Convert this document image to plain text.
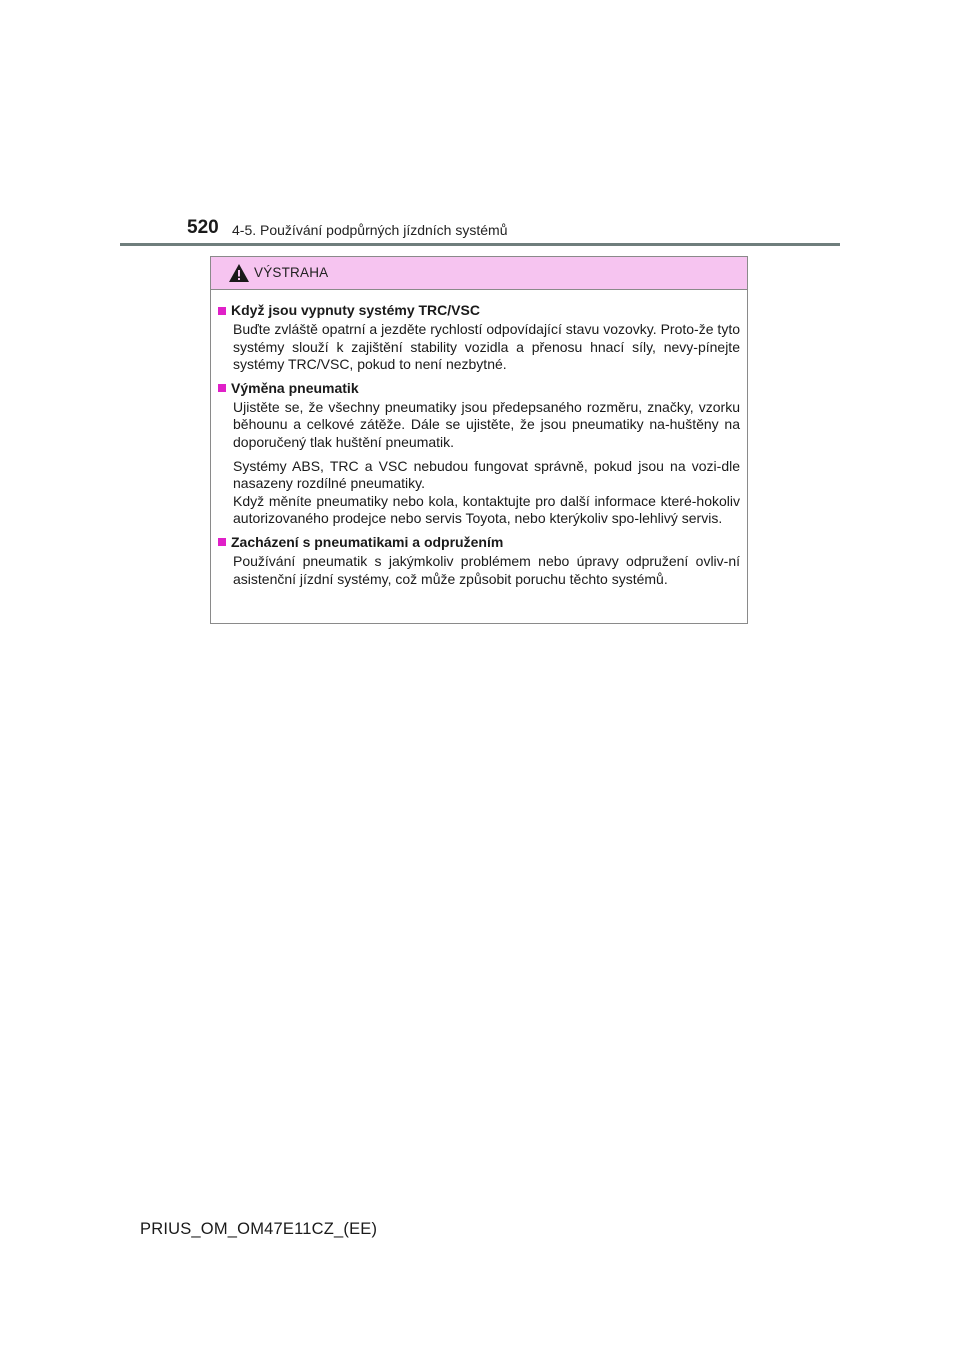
520 4-5. Používání podpůrných jízdních systémů
VÝSTRAHA
Když jsou vypnuty systémy TRC/VSC

Buďte zvláště opatrní a jezděte rychlostí odpovídající stavu vozovky. Proto-že tyto systémy slouží k zajištění stability vozidla a přenosu hnací síly, nevy-pínejte systémy TRC/VSC, pokud to není nezbytné.

Výměna pneumatik

Ujistěte se, že všechny pneumatiky jsou předepsaného rozměru, značky, vzorku běhounu a celkové zátěže. Dále se ujistěte, že jsou pneumatiky na-huštěny na doporučený tlak huštění pneumatik.

Systémy ABS, TRC a VSC nebudou fungovat správně, pokud jsou na vozi-dle nasazeny rozdílné pneumatiky.

Když měníte pneumatiky nebo kola, kontaktujte pro další informace které-hokoliv autorizovaného prodejce nebo servis Toyota, nebo kterýkoliv spo-lehlivý servis.

Zacházení s pneumatikami a odpružením

Používání pneumatik s jakýmkoliv problémem nebo úpravy odpružení ovliv-ní asistenční jízdní systémy, což může způsobit poruchu těchto systémů.

PRIUS_OM_OM47E11CZ_(EE)
